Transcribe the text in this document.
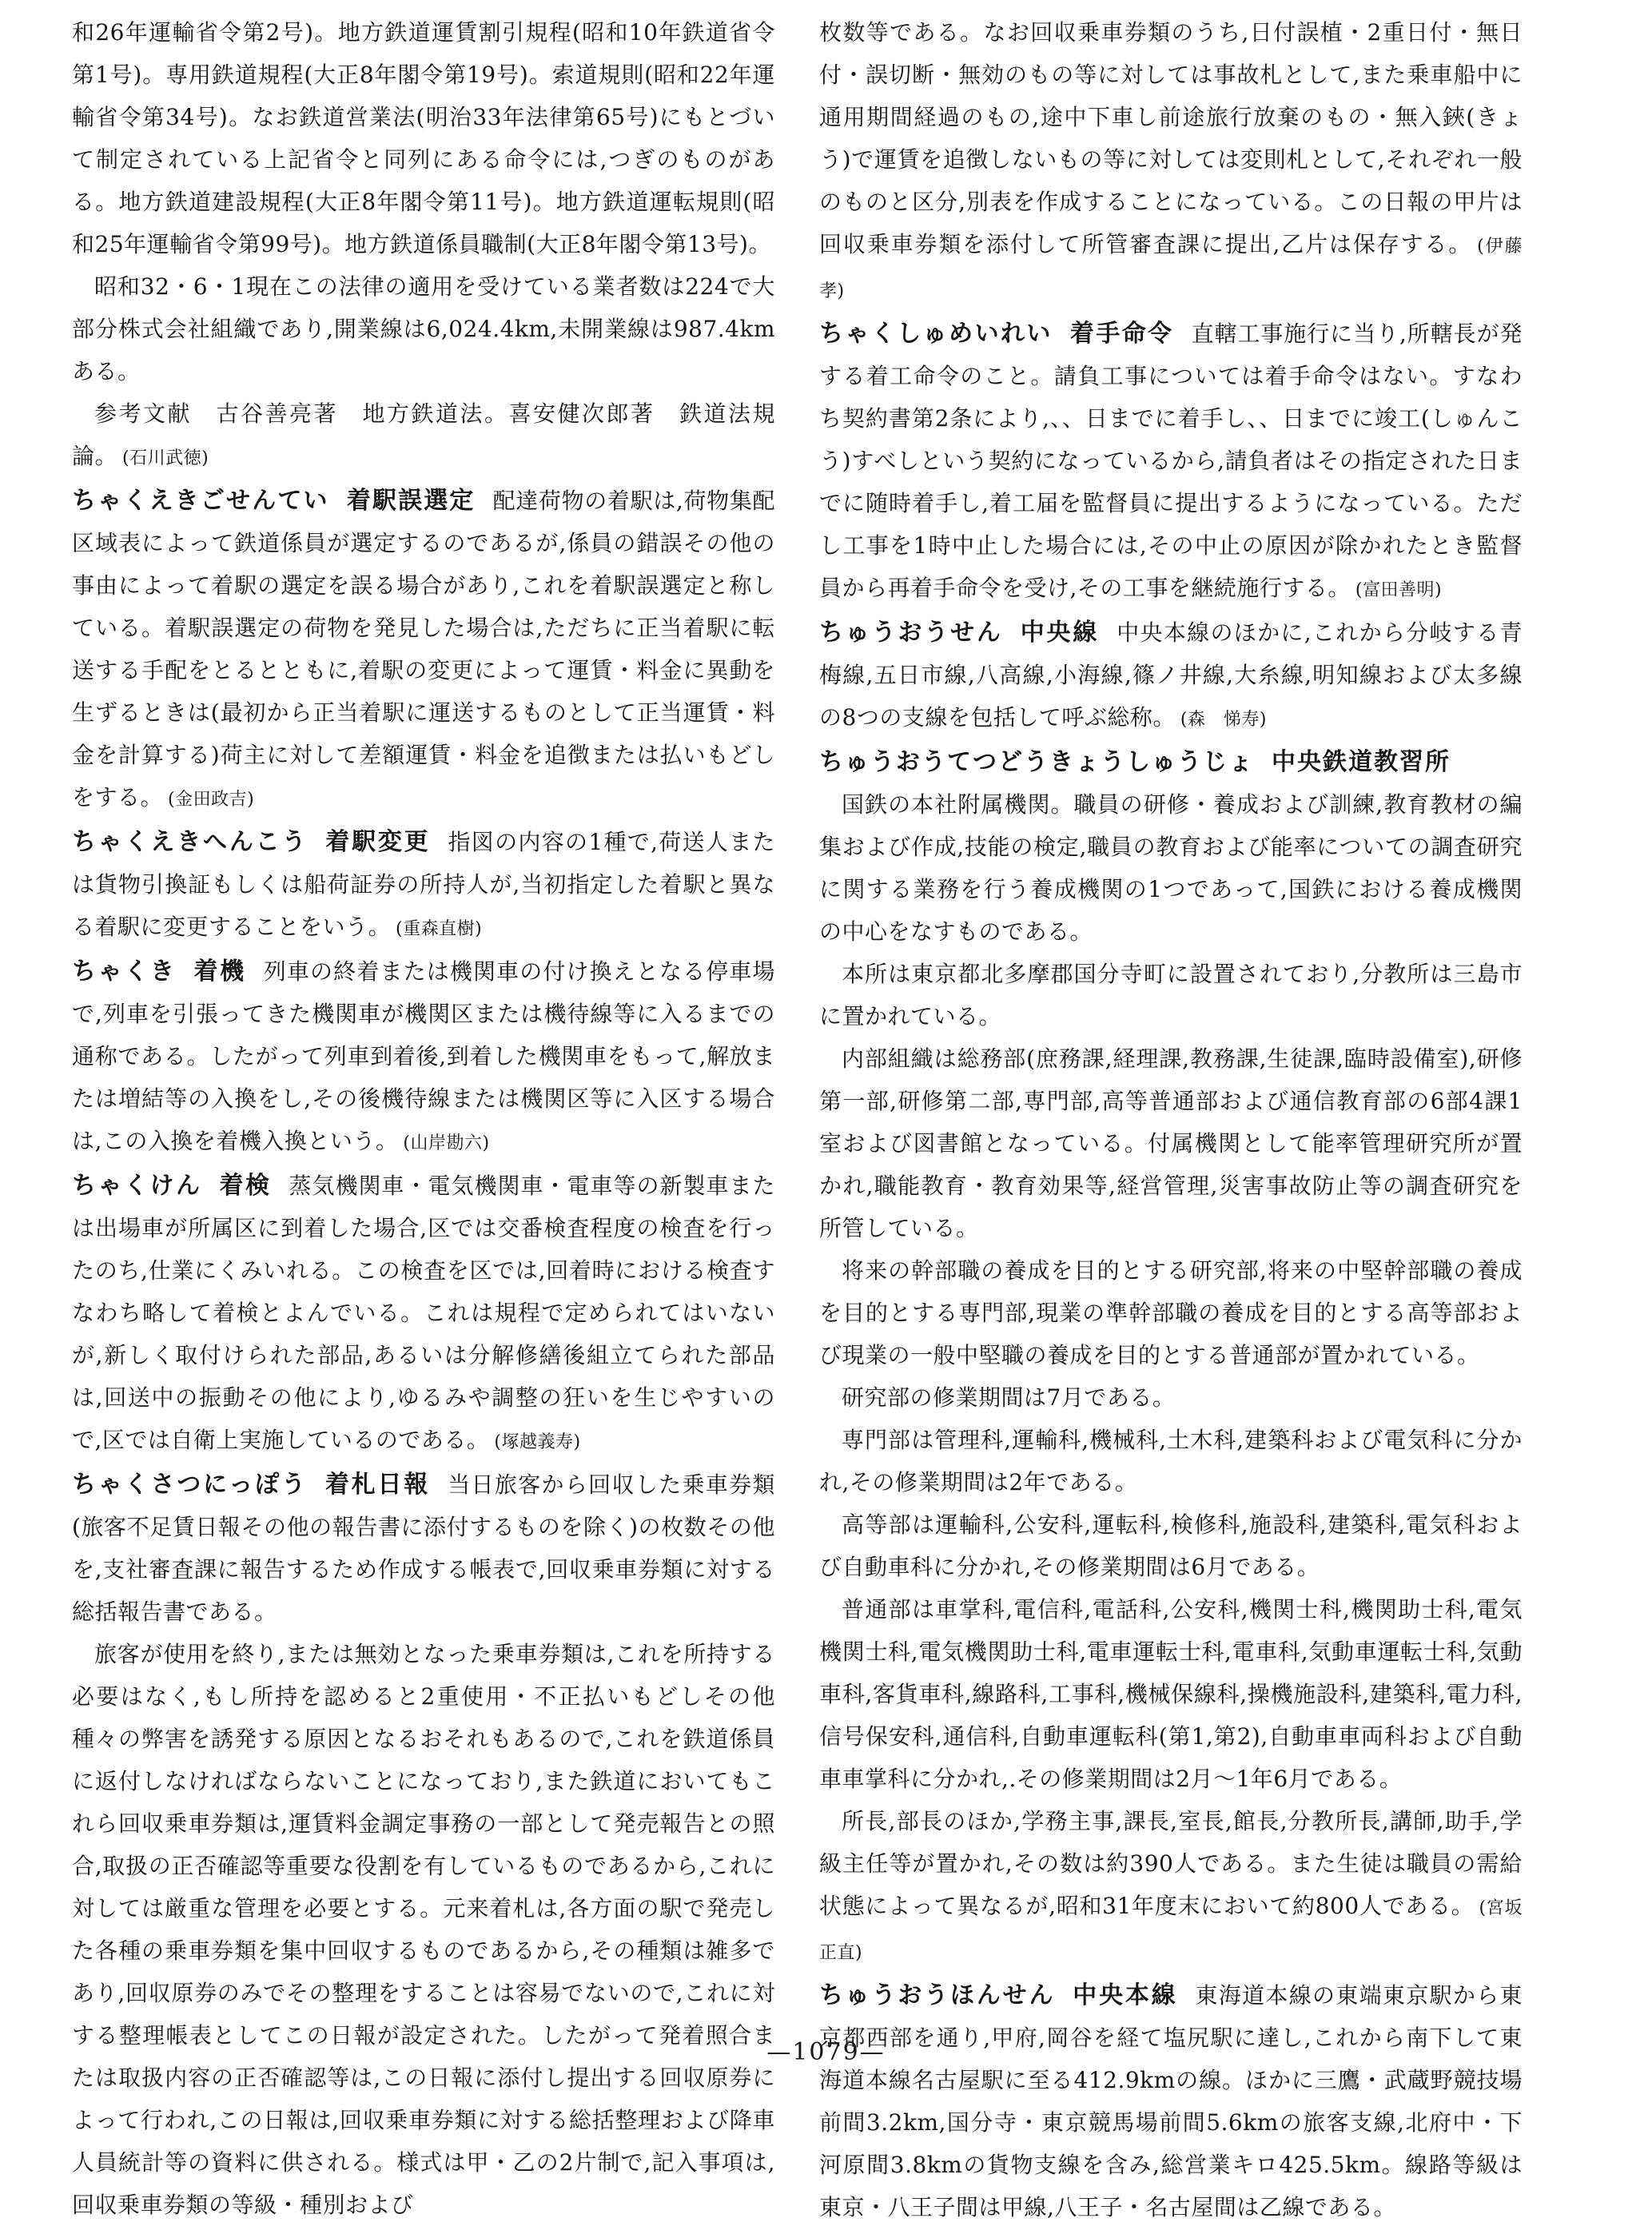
和26年運輸省令第2号)。地方鉄道運賃割引規程(昭和10年鉄道省令第1号)。専用鉄道規程(大正8年閣令第19号)。索道規則(昭和22年運輸省令第34号)。なお鉄道営業法(明治33年法律第65号)にもとづいて制定されている上記省令と同列にある命令には,つぎのものがある。地方鉄道建設規程(大正8年閣令第11号)。地方鉄道運転規則(昭和25年運輸省令第99号)。地方鉄道係員職制(大正8年閣令第13号)。

昭和32・6・1現在この法律の適用を受けている業者数は224で大部分株式会社組織であり,開業線は6,024.4km,未開業線は987.4kmある。

参考文献　古谷善亮著　地方鉄道法。喜安健次郎著　鉄道法規論。 (石川武徳)

ちゃくえきごせんてい 着駅誤選定 配達荷物の着駅は,荷物集配区域表によって鉄道係員が選定するのであるが,係員の錯誤その他の事由によって着駅の選定を誤る場合があり,これを着駅誤選定と称している。着駅誤選定の荷物を発見した場合は,ただちに正当着駅に転送する手配をとるとともに,着駅の変更によって運賃・料金に異動を生ずるときは(最初から正当着駅に運送するものとして正当運賃・料金を計算する)荷主に対して差額運賃・料金を追徴または払いもどしをする。 (金田政吉)

ちゃくえきへんこう 着駅変更 指図の内容の1種で,荷送人または貨物引換証もしくは船荷証券の所持人が,当初指定した着駅と異なる着駅に変更することをいう。 (重森直樹)

ちゃくき 着機 列車の終着または機関車の付け換えとなる停車場で,列車を引張ってきた機関車が機関区または機待線等に入るまでの通称である。したがって列車到着後,到着した機関車をもって,解放または増結等の入換をし,その後機待線または機関区等に入区する場合は,この入換を着機入換という。 (山岸勘六)

ちゃくけん 着検 蒸気機関車・電気機関車・電車等の新製車または出場車が所属区に到着した場合,区では交番検査程度の検査を行ったのち,仕業にくみいれる。この検査を区では,回着時における検査すなわち略して着検とよんでいる。これは規程で定められてはいないが,新しく取付けられた部品,あるいは分解修繕後組立てられた部品は,回送中の振動その他により,ゆるみや調整の狂いを生じやすいので,区では自衛上実施しているのである。 (塚越義寿)

ちゃくさつにっぽう 着札日報 当日旅客から回収した乗車券類(旅客不足賃日報その他の報告書に添付するものを除く)の枚数その他を,支社審査課に報告するため作成する帳表で,回収乗車券類に対する総括報告書である。

旅客が使用を終り,または無効となった乗車券類は,これを所持する必要はなく,もし所持を認めると2重使用・不正払いもどしその他種々の弊害を誘発する原因となるおそれもあるので,これを鉄道係員に返付しなければならないことになっており,また鉄道においてもこれら回収乗車券類は,運賃料金調定事務の一部として発売報告との照合,取扱の正否確認等重要な役割を有しているものであるから,これに対しては厳重な管理を必要とする。元来着札は,各方面の駅で発売した各種の乗車券類を集中回収するものであるから,その種類は雑多であり,回収原券のみでその整理をすることは容易でないので,これに対する整理帳表としてこの日報が設定された。したがって発着照合または取扱内容の正否確認等は,この日報に添付し提出する回収原券によって行われ,この日報は,回収乗車券類に対する総括整理および降車人員統計等の資料に供される。様式は甲・乙の2片制で,記入事項は,回収乗車券類の等級・種別および

枚数等である。なお回収乗車券類のうち,日付誤植・2重日付・無日付・誤切断・無効のもの等に対しては事故札として,また乗車船中に通用期間経過のもの,途中下車し前途旅行放棄のもの・無入鋏(きょう)で運賃を追徴しないもの等に対しては変則札として,それぞれ一般のものと区分,別表を作成することになっている。この日報の甲片は回収乗車券類を添付して所管審査課に提出,乙片は保存する。 (伊藤　孝)

ちゃくしゅめいれい 着手命令 直轄工事施行に当り,所轄長が発する着工命令のこと。請負工事については着手命令はない。すなわち契約書第2条により,、、日までに着手し、、日までに竣工(しゅんこう)すべしという契約になっているから,請負者はその指定された日までに随時着手し,着工届を監督員に提出するようになっている。ただし工事を1時中止した場合には,その中止の原因が除かれたとき監督員から再着手命令を受け,その工事を継続施行する。 (富田善明)

ちゅうおうせん 中央線 中央本線のほかに,これから分岐する青梅線,五日市線,八高線,小海線,篠ノ井線,大糸線,明知線および太多線の8つの支線を包括して呼ぶ総称。 (森　悌寿)

ちゅうおうてつどうきょうしゅうじょ 中央鉄道教習所

国鉄の本社附属機関。職員の研修・養成および訓練,教育教材の編集および作成,技能の検定,職員の教育および能率についての調査研究に関する業務を行う養成機関の1つであって,国鉄における養成機関の中心をなすものである。

本所は東京都北多摩郡国分寺町に設置されており,分教所は三島市に置かれている。

内部組織は総務部(庶務課,経理課,教務課,生徒課,臨時設備室),研修第一部,研修第二部,専門部,高等普通部および通信教育部の6部4課1室および図書館となっている。付属機関として能率管理研究所が置かれ,職能教育・教育効果等,経営管理,災害事故防止等の調査研究を所管している。

将来の幹部職の養成を目的とする研究部,将来の中堅幹部職の養成を目的とする専門部,現業の準幹部職の養成を目的とする高等部および現業の一般中堅職の養成を目的とする普通部が置かれている。

研究部の修業期間は7月である。

専門部は管理科,運輸科,機械科,土木科,建築科および電気科に分かれ,その修業期間は2年である。

高等部は運輸科,公安科,運転科,検修科,施設科,建築科,電気科および自動車科に分かれ,その修業期間は6月である。

普通部は車掌科,電信科,電話科,公安科,機関士科,機関助士科,電気機関士科,電気機関助士科,電車運転士科,電車科,気動車運転士科,気動車科,客貨車科,線路科,工事科,機械保線科,操機施設科,建築科,電力科,信号保安科,通信科,自動車運転科(第1,第2),自動車車両科および自動車車掌科に分かれ,.その修業期間は2月～1年6月である。

所長,部長のほか,学務主事,課長,室長,館長,分教所長,講師,助手,学級主任等が置かれ,その数は約390人である。また生徒は職員の需給状態によって異なるが,昭和31年度末において約800人である。 (宮坂正直)

ちゅうおうほんせん 中央本線 東海道本線の東端東京駅から東京都西部を通り,甲府,岡谷を経て塩尻駅に達し,これから南下して東海道本線名古屋駅に至る412.9kmの線。ほかに三鷹・武蔵野競技場前間3.2km,国分寺・東京競馬場前間5.6kmの旅客支線,北府中・下河原間3.8kmの貨物支線を含み,総営業キロ425.5km。線路等級は東京・八王子間は甲線,八王子・名古屋間は乙線である。

—1079—
